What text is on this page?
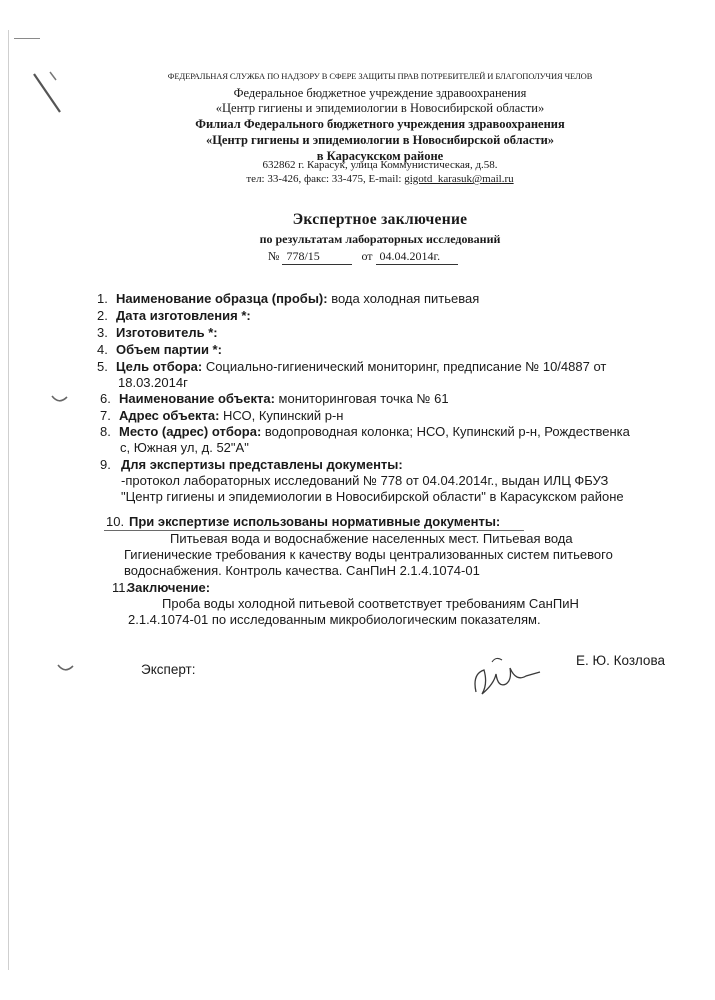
ФЕДЕРАЛЬНАЯ СЛУЖБА ПО НАДЗОРУ В СФЕРЕ ЗАЩИТЫ ПРАВ ПОТРЕБИТЕЛЕЙ И БЛАГОПОЛУЧИЯ ЧЕЛОВ
Федеральное бюджетное учреждение здравоохранения
«Центр гигиены и эпидемиологии в Новосибирской области»
Филиал Федерального бюджетного учреждения здравоохранения
«Центр гигиены и эпидемиологии в Новосибирской области»
в Карасукском районе
632862 г. Карасук, улица Коммунистическая, д.58.
тел: 33-426, факс: 33-475, E-mail: gigotd_karasuk@mail.ru
Экспертное заключение
по результатам лабораторных исследований
№ 778/15	от 04.04.2014г.
1. Наименование образца (пробы): вода холодная питьевая
2. Дата изготовления *:
3. Изготовитель *:
4. Объем партии *:
5. Цель отбора: Социально-гигиенический мониторинг, предписание № 10/4887 от
18.03.2014г
6. Наименование объекта: мониторинговая точка № 61
7. Адрес объекта: НСО, Купинский р-н
8. Место (адрес) отбора: водопроводная колонка; НСО, Купинский р-н, Рождественка
с, Южная ул, д. 52"А"
9. Для экспертизы представлены документы:
-протокол лабораторных исследований № 778 от 04.04.2014г., выдан ИЛЦ ФБУЗ
"Центр гигиены и эпидемиологии в Новосибирской области" в Карасукском районе
10. При экспертизе использованы нормативные документы:
Питьевая вода и водоснабжение населенных мест. Питьевая вода
Гигиенические требования к качеству воды централизованных систем питьевого
водоснабжения. Контроль качества. СанПиН 2.1.4.1074-01
11.Заключение:
Проба воды холодной питьевой соответствует требованиям СанПиН
2.1.4.1074-01 по исследованным микробиологическим показателям.
Эксперт:
Е. Ю. Козлова
